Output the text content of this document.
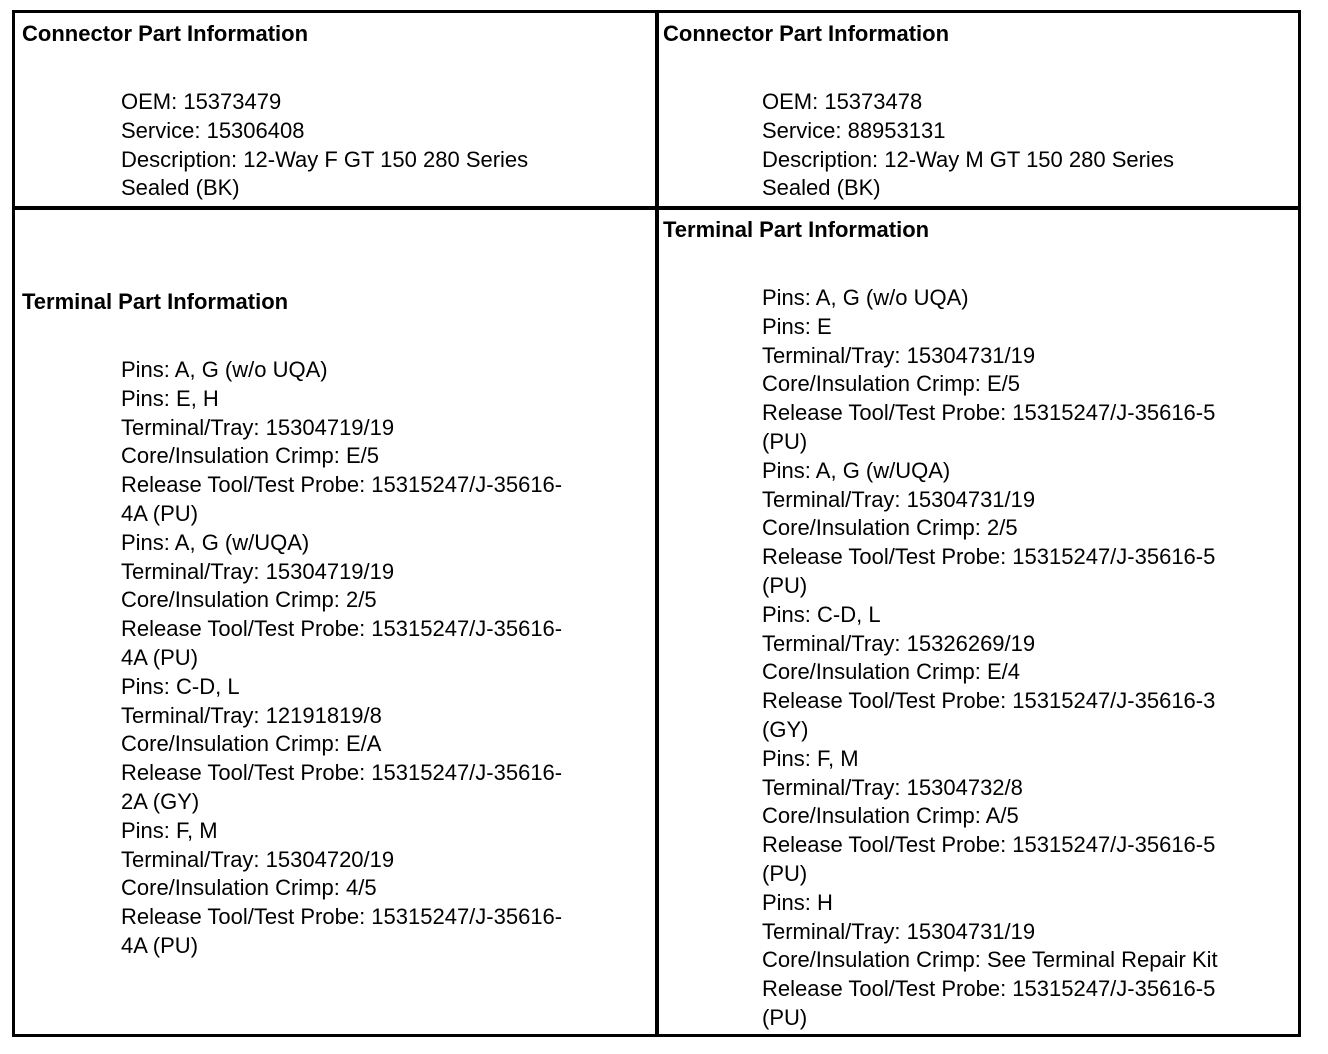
Connector Part Information
OEM: 15373479
Service: 15306408
Description: 12-Way F GT 150 280 Series
Sealed (BK)
Connector Part Information
OEM: 15373478
Service: 88953131
Description: 12-Way M GT 150 280 Series
Sealed (BK)
Terminal Part Information
Pins: A, G (w/o UQA)
Pins: E, H
Terminal/Tray: 15304719/19
Core/Insulation Crimp: E/5
Release Tool/Test Probe: 15315247/J-35616-
4A (PU)
Pins: A, G (w/UQA)
Terminal/Tray: 15304719/19
Core/Insulation Crimp: 2/5
Release Tool/Test Probe: 15315247/J-35616-
4A (PU)
Pins: C-D, L
Terminal/Tray: 12191819/8
Core/Insulation Crimp: E/A
Release Tool/Test Probe: 15315247/J-35616-
2A (GY)
Pins: F, M
Terminal/Tray: 15304720/19
Core/Insulation Crimp: 4/5
Release Tool/Test Probe: 15315247/J-35616-
4A (PU)
Terminal Part Information
Pins: A, G (w/o UQA)
Pins: E
Terminal/Tray: 15304731/19
Core/Insulation Crimp: E/5
Release Tool/Test Probe: 15315247/J-35616-5
(PU)
Pins: A, G (w/UQA)
Terminal/Tray: 15304731/19
Core/Insulation Crimp: 2/5
Release Tool/Test Probe: 15315247/J-35616-5
(PU)
Pins: C-D, L
Terminal/Tray: 15326269/19
Core/Insulation Crimp: E/4
Release Tool/Test Probe: 15315247/J-35616-3
(GY)
Pins: F, M
Terminal/Tray: 15304732/8
Core/Insulation Crimp: A/5
Release Tool/Test Probe: 15315247/J-35616-5
(PU)
Pins: H
Terminal/Tray: 15304731/19
Core/Insulation Crimp: See Terminal Repair Kit
Release Tool/Test Probe: 15315247/J-35616-5
(PU)
